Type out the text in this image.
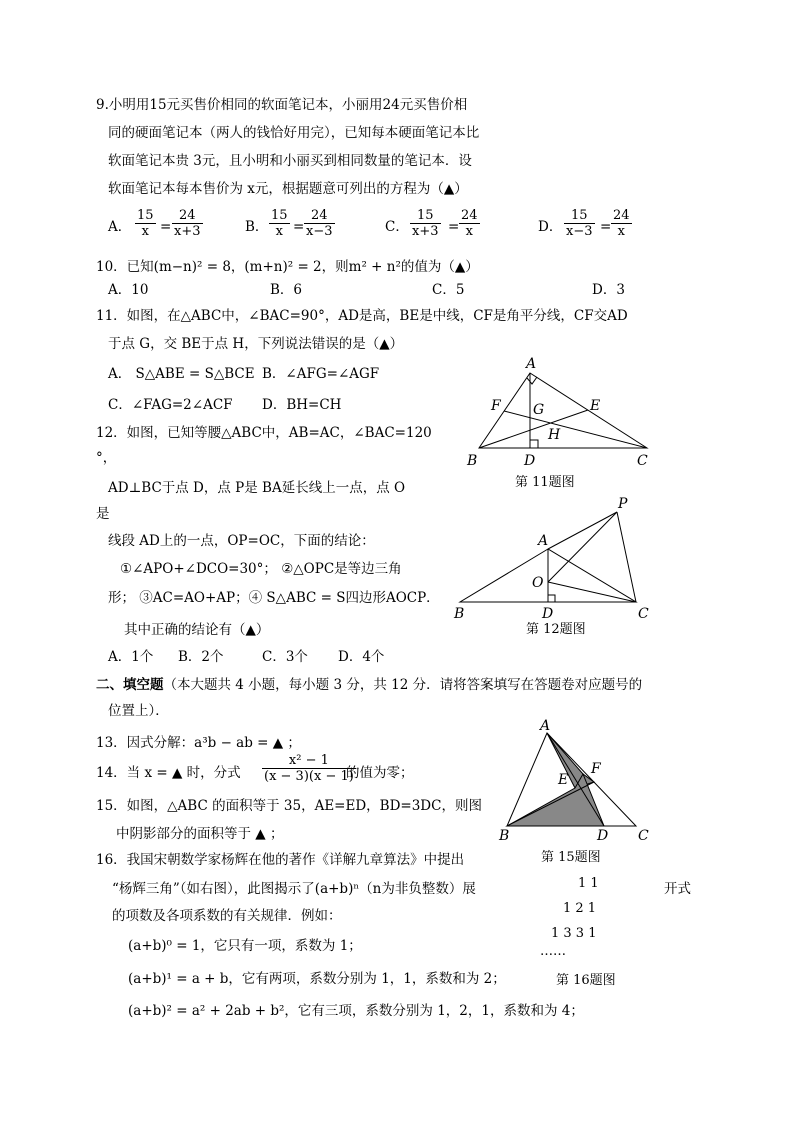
9.小明用15元买售价相同的软面笔记本，小丽用24元买售价相
同的硬面笔记本（两人的钱恰好用完），已知每本硬面笔记本比
软面笔记本贵 3元，且小明和小丽买到相同数量的笔记本．设
软面笔记本每本售价为 x元，根据题意可列出的方程为（▲）
A． $\frac{15}{x} = \frac{24}{x+3}$	B． $\frac{15}{x} = \frac{24}{x-3}$	C． $\frac{15}{x+3} = \frac{24}{x}$	D． $\frac{15}{x-3} = \frac{24}{x}$
10．已知(m−n)² = 8，(m+n)² = 2，则m² + n²的值为（▲）
A．10	B．6	C．5	D．3
11．如图，在△ABC中，∠BAC=90°，AD是高，BE是中线，CF是角平分线，CF交AD
于点 G，交 BE于点 H，下列说法错误的是（▲）
A． S△ABE = S△BCE B．∠AFG=∠AGF
C．∠FAG=2∠ACF D．BH=CH
A
B	C
D
E
F G
H
第 11题图
12．如图，已知等腰△ABC中，AB=AC，∠BAC=120
°，
AD⊥BC于点 D，点 P是 BA延长线上一点，点 O
是
线段 AD上的一点，OP=OC，下面的结论：
①∠APO+∠DCO=30°； ②△OPC是等边三角
形； ③AC=AO+AP；④ S△ABC = S四边形AOCP．
其中正确的结论有（▲）
A．1个 B．2个	C．3个 D．4个
A
B	C
D
O
P
第 12题图
二、填空题（本大题共 4 小题，每小题 3 分，共 12 分．请将答案填写在答题卷对应题号的
位置上）．
13．因式分解：a³b − ab = ▲ ；
14．当 x = ▲ 时，分式 $\frac{\text{x² − 1}}{(x - 3)(x - 1)}$
的值为零；
15．如图，△ABC 的面积等于 35，AE=ED，BD=3DC，则图
中阴影部分的面积等于 ▲ ；
A
B	C
D
E
F
第 15题图
16．我国宋朝数学家杨辉在他的著作《详解九章算法》中提出
“杨辉三角”（如右图），此图揭示了(a+b)ⁿ（n为非负整数）展	开式
的项数及各项系数的有关规律．例如：
(a+b)⁰ = 1，它只有一项，系数为 1；
(a+b)¹ = a + b，它有两项，系数分别为 1，1，系数和为 2；
(a+b)² = a² + 2ab + b²，它有三项，系数分别为 1，2，1，系数和为 4；
1 1
1 2 1
1 3 3 1
……
第 16题图
